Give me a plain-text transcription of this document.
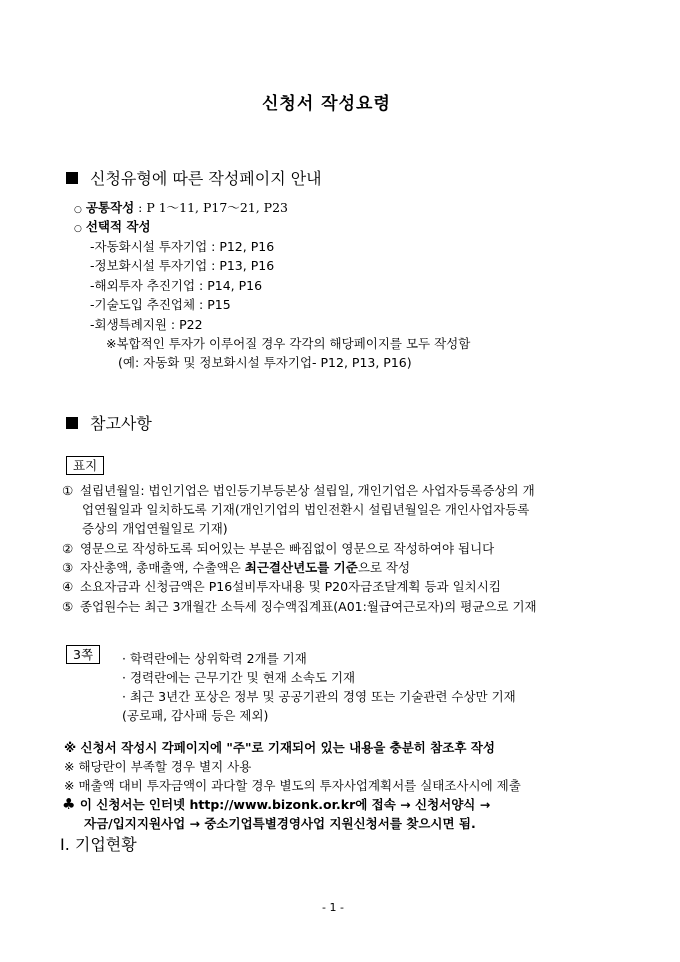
신청서 작성요령
신청유형에 따른 작성페이지 안내
○ 공통작성 : P 1～11, P17～21, P23
○ 선택적 작성
-자동화시설 투자기업 : P12, P16
-정보화시설 투자기업 : P13, P16
-해외투자 추진기업 : P14, P16
-기술도입 추진업체 : P15
-회생특례지원 : P22
※복합적인 투자가 이루어질 경우 각각의 해당페이지를 모두 작성함
(예: 자동화 및 정보화시설 투자기업- P12, P13, P16)
참고사항
표지
① 설립년월일: 법인기업은 법인등기부등본상 설립일, 개인기업은 사업자등록증상의 개
업연월일과 일치하도록 기재(개인기업의 법인전환시 설립년월일은 개인사업자등록
증상의 개업연월일로 기재)
② 영문으로 작성하도록 되어있는 부분은 빠짐없이 영문으로 작성하여야 됩니다
③ 자산총액, 총매출액, 수출액은 최근결산년도를 기준으로 작성
④ 소요자금과 신청금액은 P16설비투자내용 및 P20자금조달계획 등과 일치시킴
⑤ 종업원수는 최근 3개월간 소득세 징수액집계표(A01:월급여근로자)의 평균으로 기재
3쪽	· 학력란에는 상위학력 2개를 기재
· 경력란에는 근무기간 및 현재 소속도 기재
· 최근 3년간 포상은 정부 및 공공기관의 경영 또는 기술관련 수상만 기재
(공로패, 감사패 등은 제외)
※ 신청서 작성시 각페이지에 "주"로 기재되어 있는 내용을 충분히 참조후 작성
※ 해당란이 부족할 경우 별지 사용
※ 매출액 대비 투자금액이 과다할 경우 별도의 투자사업계획서를 실태조사시에 제출
♣ 이 신청서는 인터넷 http://www.bizonk.or.kr에 접속 → 신청서양식 →
자금/입지지원사업 → 중소기업특별경영사업 지원신청서를 찾으시면 됨.
Ⅰ. 기업현황
- 1 -
